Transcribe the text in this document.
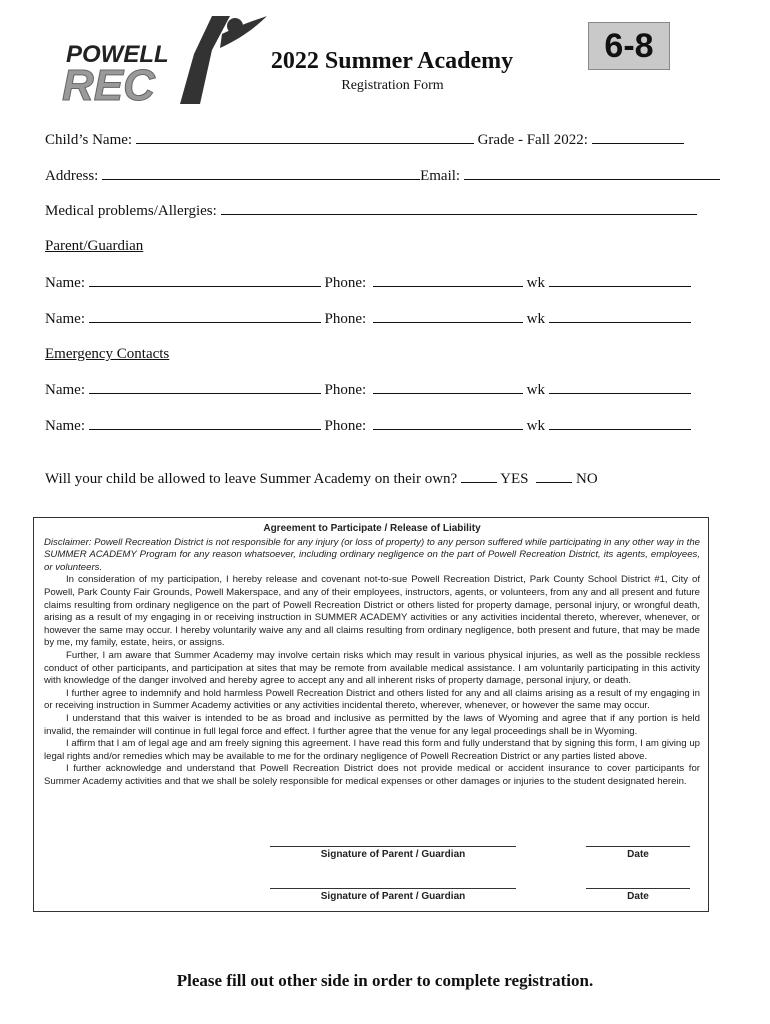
POWELL
REC	2022 Summer Academy
Registration Form
6-8
Child’s Name:	Grade - Fall 2022:
Address:	Email:
Medical problems/Allergies:
Parent/Guardian
Name:	Phone:	wk
Name:	Phone:	wk
Emergency Contacts
Name:	Phone:	wk
Name:	Phone:	wk
Will your child be allowed to leave Summer Academy on their own?	YES	NO
Agreement to Participate / Release of Liability
Disclaimer: Powell Recreation District is not responsible for any injury (or loss of property) to any person suffered while participating in any other way in the SUMMER ACADEMY Program for any reason whatsoever, including ordinary negligence on the part of Powell Recreation District, its agents, employees, or volunteers.

In consideration of my participation, I hereby release and covenant not-to-sue Powell Recreation District, Park County School District #1, City of Powell, Park County Fair Grounds, Powell Makerspace, and any of their employees, instructors, agents, or volunteers, from any and all present and future claims resulting from ordinary negligence on the part of Powell Recreation District or others listed for property damage, personal injury, or wrongful death, arising as a result of my engaging in or receiving instruction in SUMMER ACADEMY activities or any activities incidental thereto, wherever, whenever, or however the same may occur. I hereby voluntarily waive any and all claims resulting from ordinary negligence, both present and future, that may be made by me, my family, estate, heirs, or assigns.

Further, I am aware that Summer Academy may involve certain risks which may result in various physical injuries, as well as the possible reckless conduct of other participants, and participation at sites that may be remote from available medical assistance. I am voluntarily participating in this activity with knowledge of the danger involved and hereby agree to accept any and all inherent risks of property damage, personal injury, or death.

I further agree to indemnify and hold harmless Powell Recreation District and others listed for any and all claims arising as a result of my engaging in or receiving instruction in Summer Academy activities or any activities incidental thereto, wherever, whenever, or however the same may occur.

I understand that this waiver is intended to be as broad and inclusive as permitted by the laws of Wyoming and agree that if any portion is held invalid, the remainder will continue in full legal force and effect. I further agree that the venue for any legal proceedings shall be in Wyoming.

I affirm that I am of legal age and am freely signing this agreement. I have read this form and fully understand that by signing this form, I am giving up legal rights and/or remedies which may be available to me for the ordinary negligence of Powell Recreation District or any parties listed above.

I further acknowledge and understand that Powell Recreation District does not provide medical or accident insurance to cover participants for Summer Academy activities and that we shall be solely responsible for medical expenses or other damages or injuries to the student designated herein.

Signature of Parent / Guardian	Date
Signature of Parent / Guardian	Date
Please fill out other side in order to complete registration.
